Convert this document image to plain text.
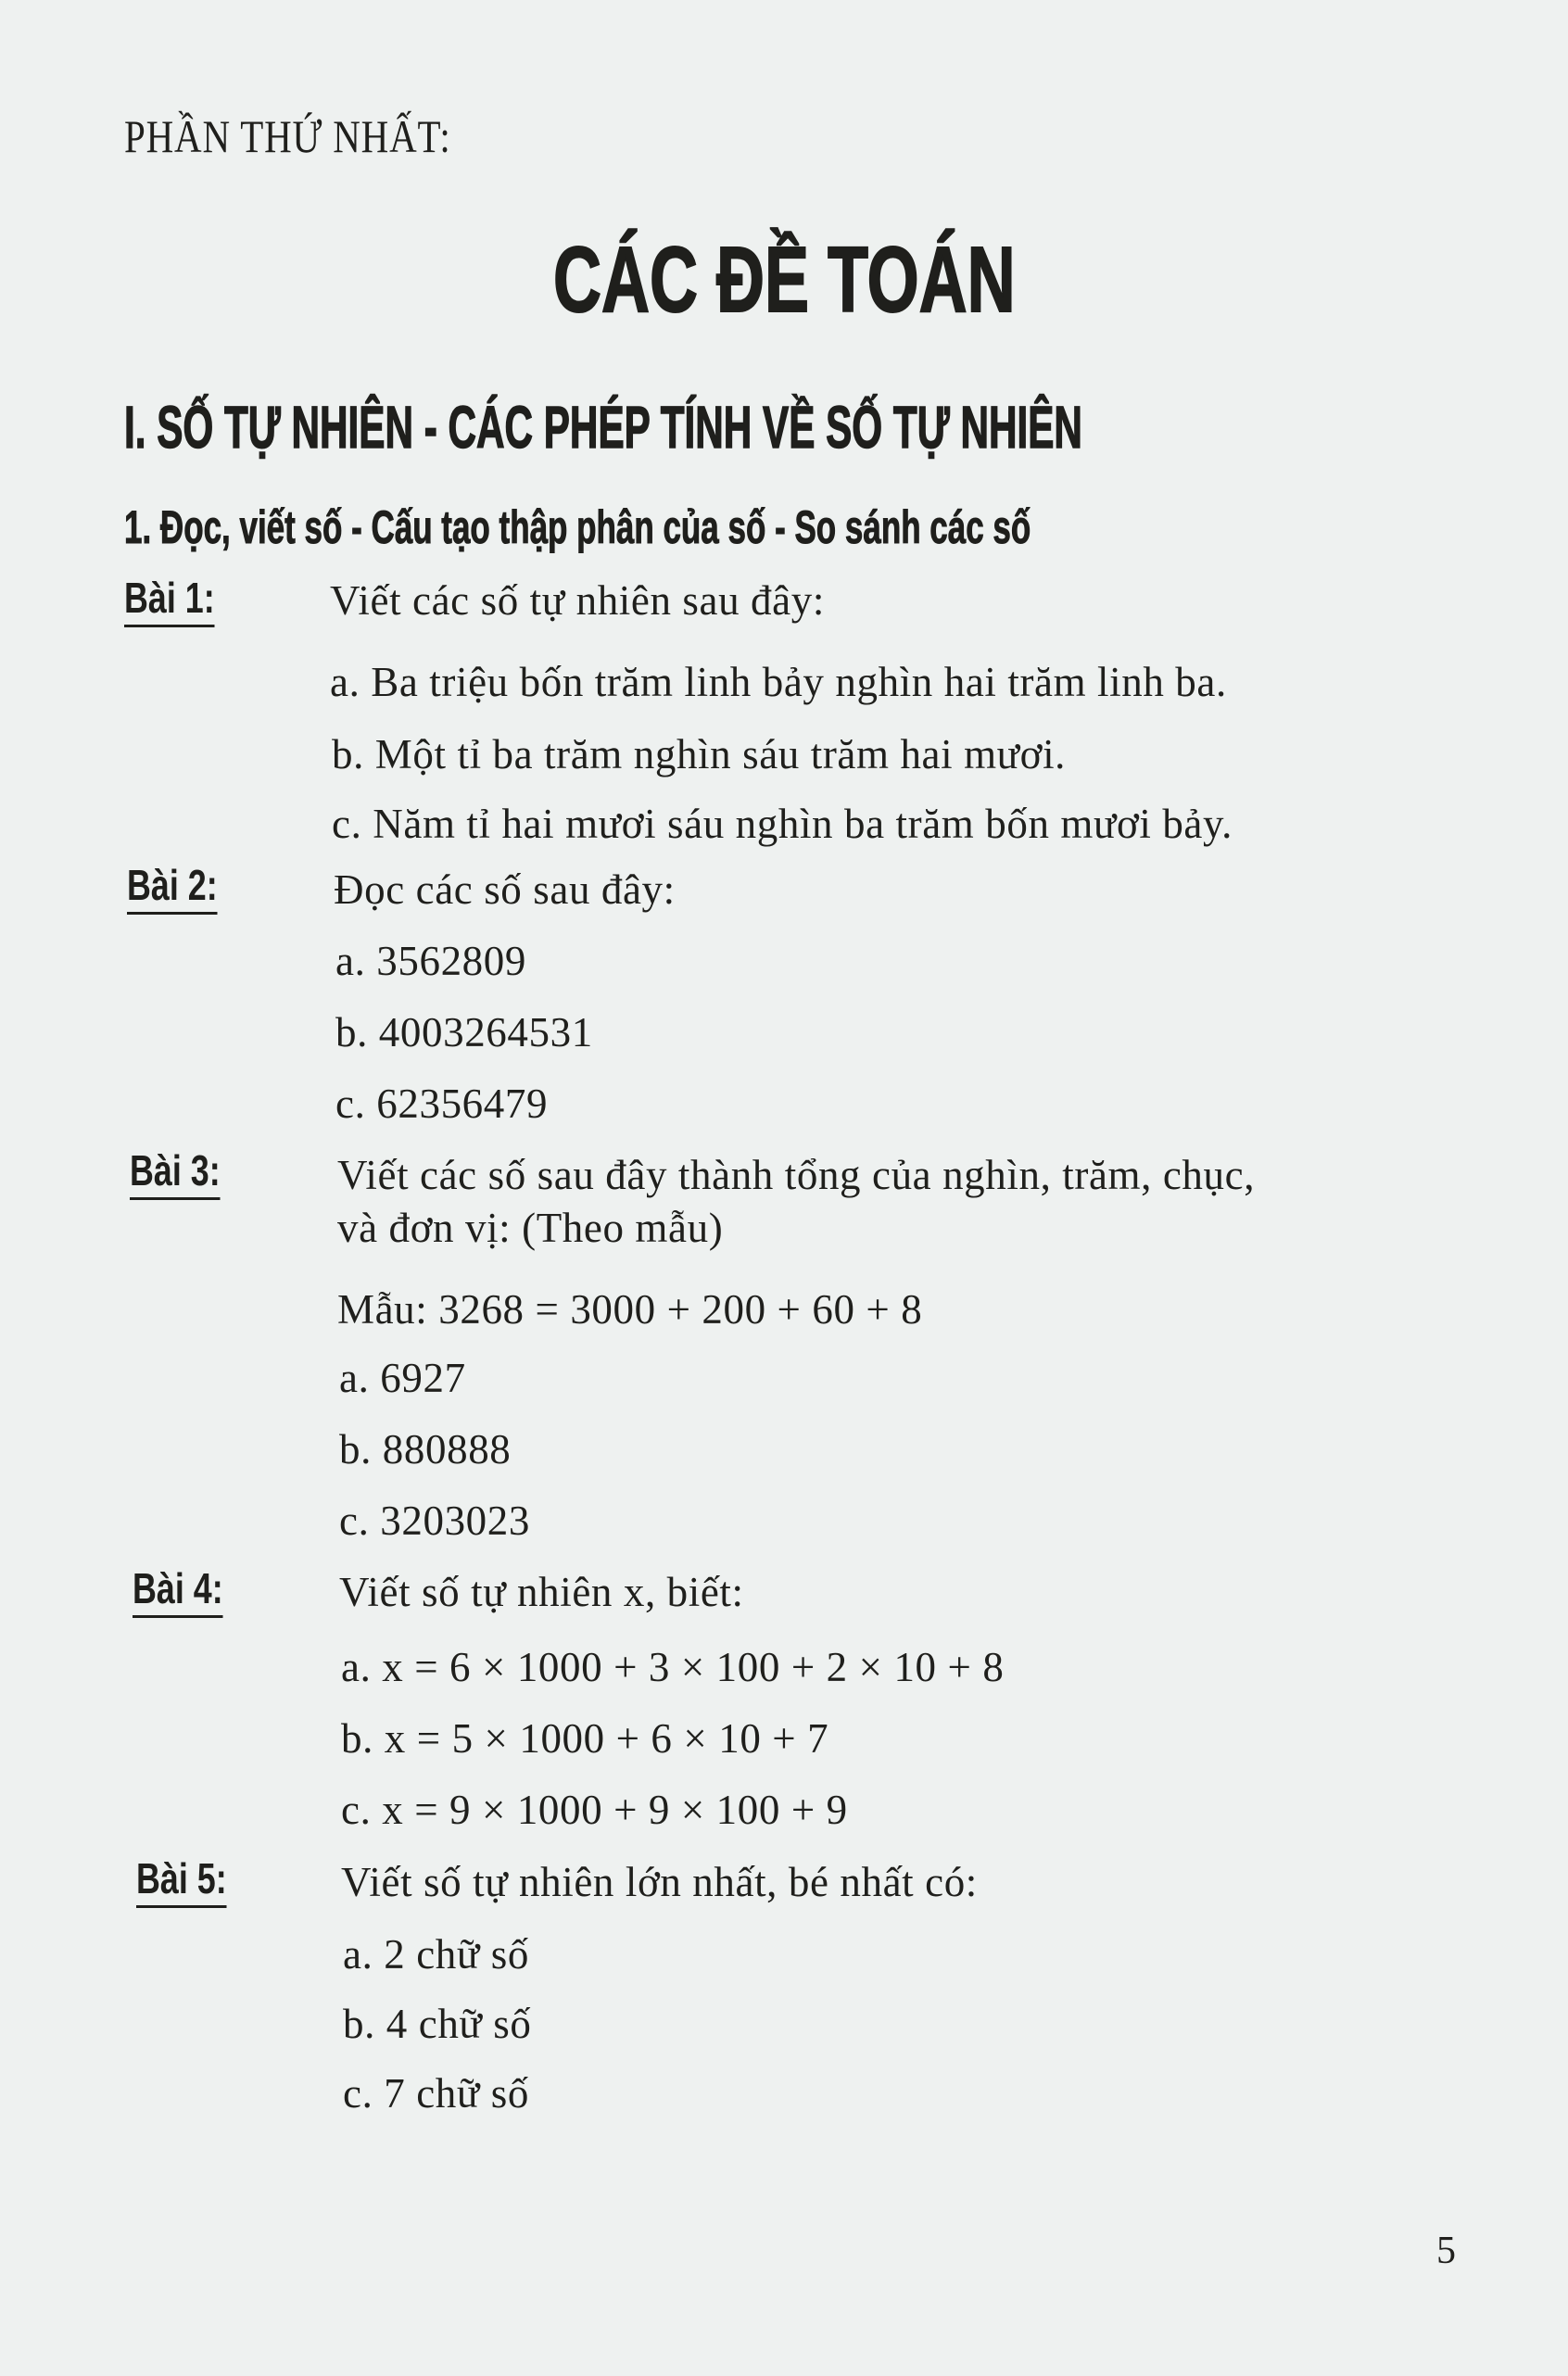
PHẦN THỨ NHẤT:
CÁC ĐỀ TOÁN
I. SỐ TỰ NHIÊN - CÁC PHÉP TÍNH VỀ SỐ TỰ NHIÊN
1. Đọc, viết số - Cấu tạo thập phân của số - So sánh các số
Bài 1:	Viết các số tự nhiên sau đây:
a. Ba triệu bốn trăm linh bảy nghìn hai trăm linh ba.
b. Một tỉ ba trăm nghìn sáu trăm hai mươi.
c. Năm tỉ hai mươi sáu nghìn ba trăm bốn mươi bảy.
Bài 2:	Đọc các số sau đây:
a. 3562809
b. 4003264531
c. 62356479
Bài 3:	Viết các số sau đây thành tổng của nghìn, trăm, chục,
và đơn vị: (Theo mẫu)
Mẫu: 3268 = 3000 + 200 + 60 + 8
a. 6927
b. 880888
c. 3203023
Bài 4:	Viết số tự nhiên x, biết:
a. x = 6 × 1000 + 3 × 100 + 2 × 10 + 8
b. x = 5 × 1000 + 6 × 10 + 7
c. x = 9 × 1000 + 9 × 100 + 9
Bài 5:	Viết số tự nhiên lớn nhất, bé nhất có:
a. 2 chữ số
b. 4 chữ số
c. 7 chữ số
5
